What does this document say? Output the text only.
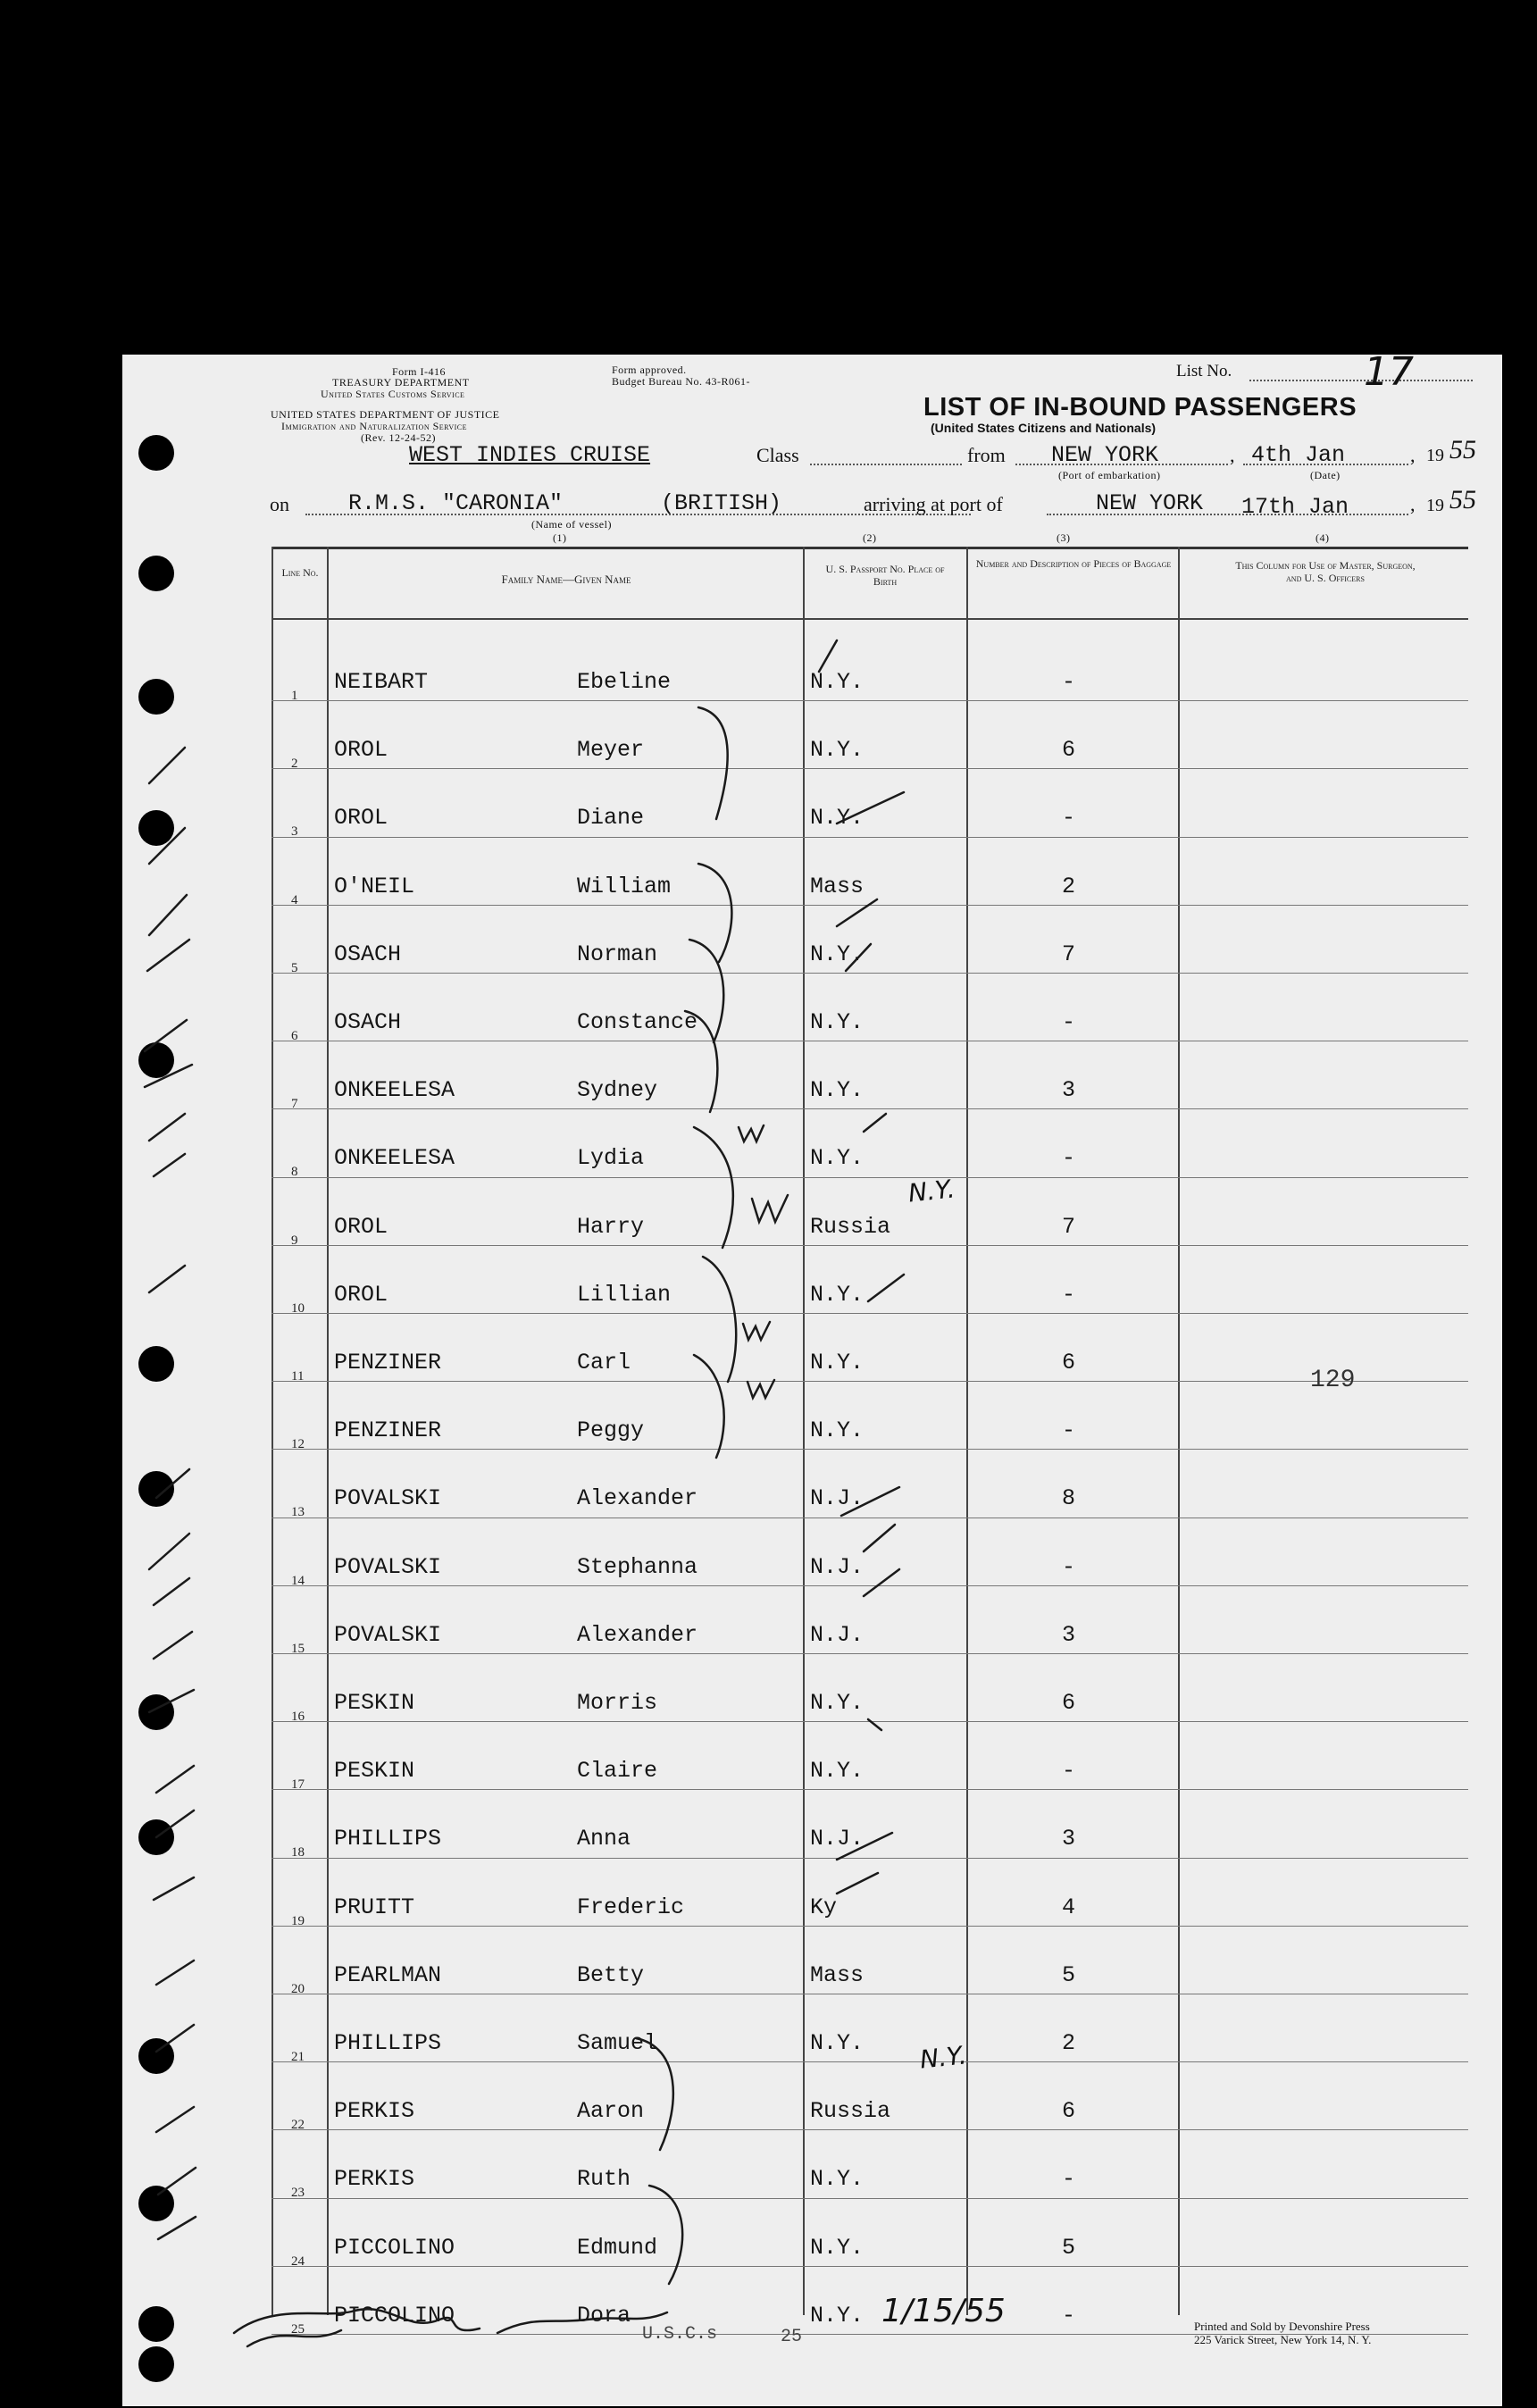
Form I-416
TREASURY DEPARTMENT
United States Customs Service
Form approved.
Budget Bureau No. 43-R061-
UNITED STATES DEPARTMENT OF JUSTICE
Immigration and Naturalization Service
(Rev. 12-24-52)
List No.	17
LIST OF IN-BOUND PASSENGERS
(United States Citizens and Nationals)
WEST INDIES CRUISE	Class	from NEW YORK
(Port of embarkation)
, 4th Jan
(Date)
, 19 55
on	R.M.S. "CARONIA"	(BRITISH)
(Name of vessel)
(1)	(2)	(3)	(4)
arriving at port of	NEW YORK 17th Jan	, 19 55
Line No.	Family Name—Given Name
U. S. Passport No. Place of Birth
Number and Description of Pieces of Baggage	This Column for Use of Master, Surgeon, and U. S. Officers
1
NEIBART	Ebeline	N.Y.	-
2
OROL	Meyer	N.Y.	6
3
OROL	Diane	N.Y.	-
4
O'NEIL	William	Mass	2
5
OSACH	Norman	N.Y.	7
6
OSACH	Constance	N.Y.	-
7
ONKEELESA	Sydney	N.Y.	3
8
ONKEELESA	Lydia	N.Y.	-
9
OROL	Harry	Russia	7
10
OROL	Lillian	N.Y.	-
11
PENZINER	Carl	N.Y.	6
12
PENZINER	Peggy	N.Y.	-
13
POVALSKI	Alexander	N.J.	8
14
POVALSKI	Stephanna	N.J.	-
15
POVALSKI	Alexander	N.J.	3
16
PESKIN	Morris	N.Y.	6
17
PESKIN	Claire	N.Y.	-
18
PHILLIPS	Anna	N.J.	3
19
PRUITT	Frederic	Ky	4
20
PEARLMAN	Betty	Mass	5
21
PHILLIPS	Samuel	N.Y.	2
22
PERKIS	Aaron	Russia	6
23
PERKIS	Ruth	N.Y.	-
24
PICCOLINO	Edmund	N.Y.	5
25
PICCOLINO	Dora	N.Y.	-
129
N.Y.
N.Y.
1/15/55
U.S.C.s	25
Printed and Sold by Devonshire Press
225 Varick Street, New York 14, N. Y.
